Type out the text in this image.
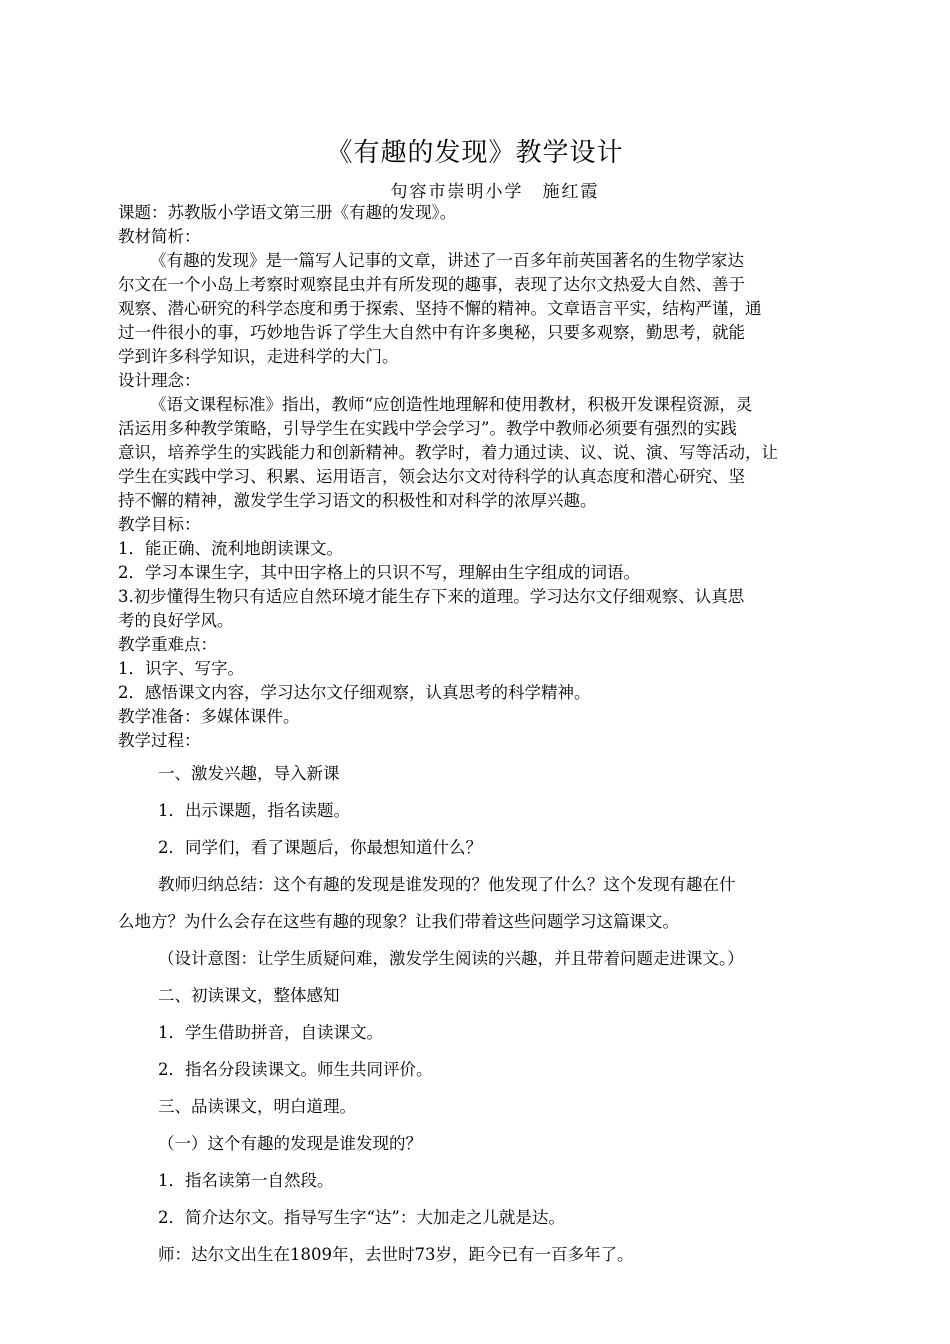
《有趣的发现》教学设计
句容市崇明小学　施红霞
课题：苏教版小学语文第三册《有趣的发现》。
教材简析：
《有趣的发现》是一篇写人记事的文章，讲述了一百多年前英国著名的生物学家达
尔文在一个小岛上考察时观察昆虫并有所发现的趣事，表现了达尔文热爱大自然、善于
观察、潜心研究的科学态度和勇于探索、坚持不懈的精神。文章语言平实，结构严谨，通
过一件很小的事，巧妙地告诉了学生大自然中有许多奥秘，只要多观察，勤思考，就能
学到许多科学知识，走进科学的大门。
设计理念：
《语文课程标准》指出，教师“应创造性地理解和使用教材，积极开发课程资源，灵
活运用多种教学策略，引导学生在实践中学会学习”。教学中教师必须要有强烈的实践
意识，培养学生的实践能力和创新精神。教学时，着力通过读、议、说、演、写等活动，让
学生在实践中学习、积累、运用语言，领会达尔文对待科学的认真态度和潜心研究、坚
持不懈的精神，激发学生学习语文的积极性和对科学的浓厚兴趣。
教学目标：
1．能正确、流利地朗读课文。
2．学习本课生字，其中田字格上的只识不写，理解由生字组成的词语。
3.初步懂得生物只有适应自然环境才能生存下来的道理。学习达尔文仔细观察、认真思
考的良好学风。
教学重难点：
1．识字、写字。
2．感悟课文内容，学习达尔文仔细观察，认真思考的科学精神。
教学准备：多媒体课件。
教学过程：
一、激发兴趣，导入新课
1．出示课题，指名读题。
2．同学们，看了课题后，你最想知道什么？
教师归纳总结：这个有趣的发现是谁发现的？他发现了什么？这个发现有趣在什
么地方？为什么会存在这些有趣的现象？让我们带着这些问题学习这篇课文。
（设计意图：让学生质疑问难，激发学生阅读的兴趣，并且带着问题走进课文。）
二、初读课文，整体感知
1．学生借助拼音，自读课文。
2．指名分段读课文。师生共同评价。
三、品读课文，明白道理。
（一）这个有趣的发现是谁发现的？
1．指名读第一自然段。
2．简介达尔文。指导写生字“达”：大加走之儿就是达。
师：达尔文出生在1809年，去世时73岁，距今已有一百多年了。
